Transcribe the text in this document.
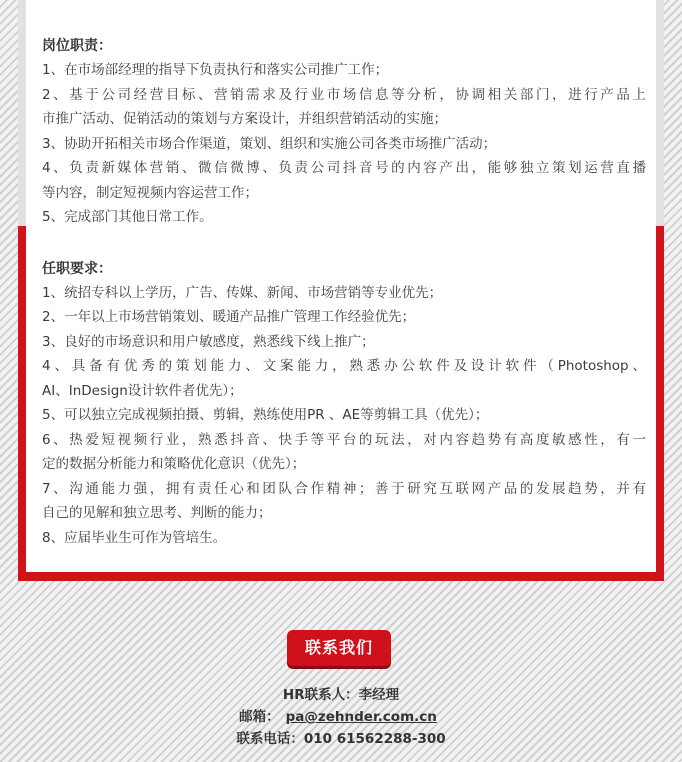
岗位职责：
1、在市场部经理的指导下负责执行和落实公司推广工作；
2、基于公司经营目标、营销需求及行业市场信息等分析，协调相关部门，进行产品上
市推广活动、促销活动的策划与方案设计，并组织营销活动的实施；
3、协助开拓相关市场合作渠道，策划、组织和实施公司各类市场推广活动；
4、负责新媒体营销、微信微博、负责公司抖音号的内容产出，能够独立策划运营直播
等内容，制定短视频内容运营工作；
5、完成部门其他日常工作。
任职要求：
1、统招专科以上学历，广告、传媒、新闻、市场营销等专业优先；
2、一年以上市场营销策划、暖通产品推广管理工作经验优先；
3、良好的市场意识和用户敏感度，熟悉线下线上推广；
4、具备有优秀的策划能力、文案能力，熟悉办公软件及设计软件（Photoshop、
AI、InDesign设计软件者优先）；
5、可以独立完成视频拍摄、剪辑，熟练使用PR 、AE等剪辑工具（优先）；
6、热爱短视频行业，熟悉抖音、快手等平台的玩法，对内容趋势有高度敏感性，有一
定的数据分析能力和策略优化意识（优先）；
7、沟通能力强，拥有责任心和团队合作精神；善于研究互联网产品的发展趋势，并有
自己的见解和独立思考、判断的能力；
8、应届毕业生可作为管培生。
联系我们
HR联系人：李经理
邮箱： pa@zehnder.com.cn
联系电话：010 61562288-300
